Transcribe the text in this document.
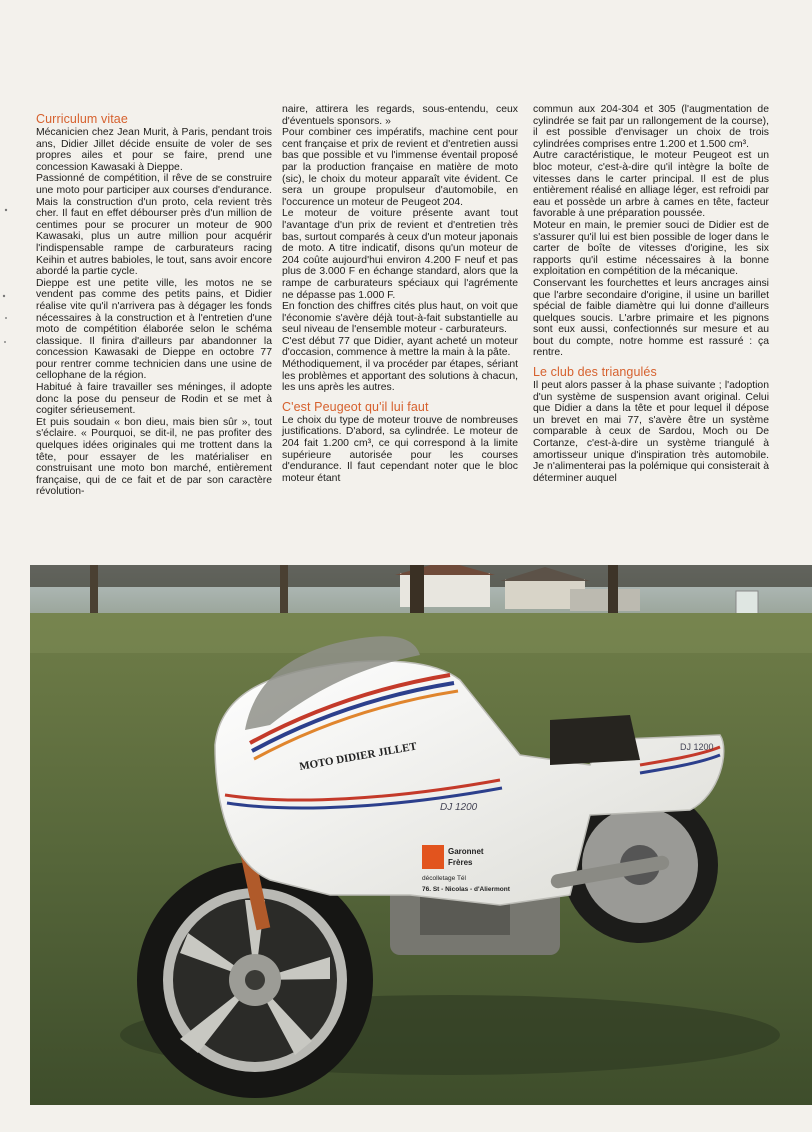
Curriculum vitae

Mécanicien chez Jean Murit, à Paris, pendant trois ans, Didier Jillet décide ensuite de voler de ses propres ailes et pour se faire, prend une concession Kawasaki à Dieppe.

Passionné de compétition, il rêve de se construire une moto pour participer aux courses d'endurance. Mais la construction d'un proto, cela revient très cher. Il faut en effet débourser près d'un million de centimes pour se procurer un moteur de 900 Kawasaki, plus un autre million pour acquérir l'indispensable rampe de carburateurs racing Keihin et autres babioles, le tout, sans avoir encore abordé la partie cycle.

Dieppe est une petite ville, les motos ne se vendent pas comme des petits pains, et Didier réalise vite qu'il n'arrivera pas à dégager les fonds nécessaires à la construction et à l'entretien d'une moto de compétition élaborée selon le schéma classique. Il finira d'ailleurs par abandonner la concession Kawasaki de Dieppe en octobre 77 pour rentrer comme technicien dans une usine de cellophane de la région.

Habitué à faire travailler ses méninges, il adopte donc la pose du penseur de Rodin et se met à cogiter sérieusement.

Et puis soudain « bon dieu, mais bien sûr », tout s'éclaire. « Pourquoi, se dit-il, ne pas profiter des quelques idées originales qui me trottent dans la tête, pour essayer de les matérialiser en construisant une moto bon marché, entièrement française, qui de ce fait et de par son caractère révolution-

naire, attirera les regards, sous-entendu, ceux d'éventuels sponsors. »

Pour combiner ces impératifs, machine cent pour cent française et prix de revient et d'entretien aussi bas que possible et vu l'immense éventail proposé par la production française en matière de moto (sic), le choix du moteur apparaît vite évident. Ce sera un groupe propulseur d'automobile, en l'occurence un moteur de Peugeot 204.

Le moteur de voiture présente avant tout l'avantage d'un prix de revient et d'entretien très bas, surtout comparés à ceux d'un moteur japonais de moto. A titre indicatif, disons qu'un moteur de 204 coûte aujourd'hui environ 4.200 F neuf et pas plus de 3.000 F en échange standard, alors que la rampe de carburateurs spéciaux qui l'agrémente ne dépasse pas 1.000 F.

En fonction des chiffres cités plus haut, on voit que l'économie s'avère déjà tout-à-fait substantielle au seul niveau de l'ensemble moteur - carburateurs.

C'est début 77 que Didier, ayant acheté un moteur d'occasion, commence à mettre la main à la pâte.

Méthodiquement, il va procéder par étapes, sériant les problèmes et apportant des solutions à chacun, les uns après les autres.

C'est Peugeot qu'il lui faut

Le choix du type de moteur trouve de nombreuses justifications. D'abord, sa cylindrée. Le moteur de 204 fait 1.200 cm³, ce qui correspond à la limite supérieure autorisée pour les courses d'endurance. Il faut cependant noter que le bloc moteur étant

commun aux 204-304 et 305 (l'augmentation de cylindrée se fait par un rallongement de la course), il est possible d'envisager un choix de trois cylindrées comprises entre 1.200 et 1.500 cm³.

Autre caractéristique, le moteur Peugeot est un bloc moteur, c'est-à-dire qu'il intègre la boîte de vitesses dans le carter principal. Il est de plus entièrement réalisé en alliage léger, est refroidi par eau et possède un arbre à cames en tête, facteur favorable à une préparation poussée.

Moteur en main, le premier souci de Didier est de s'assurer qu'il lui est bien possible de loger dans le carter de boîte de vitesses d'origine, les six rapports qu'il estime nécessaires à la bonne exploitation en compétition de la mécanique.

Conservant les fourchettes et leurs ancrages ainsi que l'arbre secondaire d'origine, il usine un barillet spécial de faible diamètre qui lui donne d'ailleurs quelques soucis. L'arbre primaire et les pignons sont eux aussi, confectionnés sur mesure et au bout du compte, notre homme est rassuré : ça rentre.

Le club des triangulés

Il peut alors passer à la phase suivante ; l'adoption d'un système de suspension avant original. Celui que Didier a dans la tête et pour lequel il dépose un brevet en mai 77, s'avère être un système comparable à ceux de Sardou, Moch ou De Cortanze, c'est-à-dire un système triangulé à amortisseur unique d'inspiration très automobile. Je n'alimenterai pas la polémique qui consisterait à déterminer auquel

MOTO DIDIER JILLET
DJ 1200
DJ 1200
Garonnet
Frères
décolletage Tél
76. St - Nicolas - d'Aliermont
